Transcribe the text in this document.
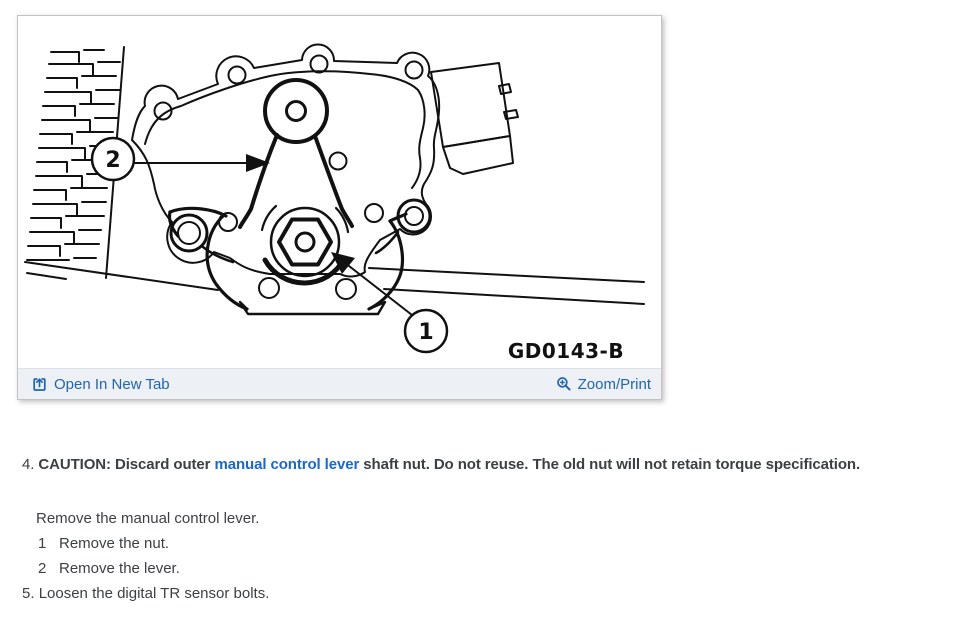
2
1
GD0143-B
Open In New Tab	Zoom/Print
4. CAUTION: Discard outer manual control lever shaft nut. Do not reuse. The old nut will not retain torque specification.
Remove the manual control lever.
1 Remove the nut.
2 Remove the lever.
5. Loosen the digital TR sensor bolts.
